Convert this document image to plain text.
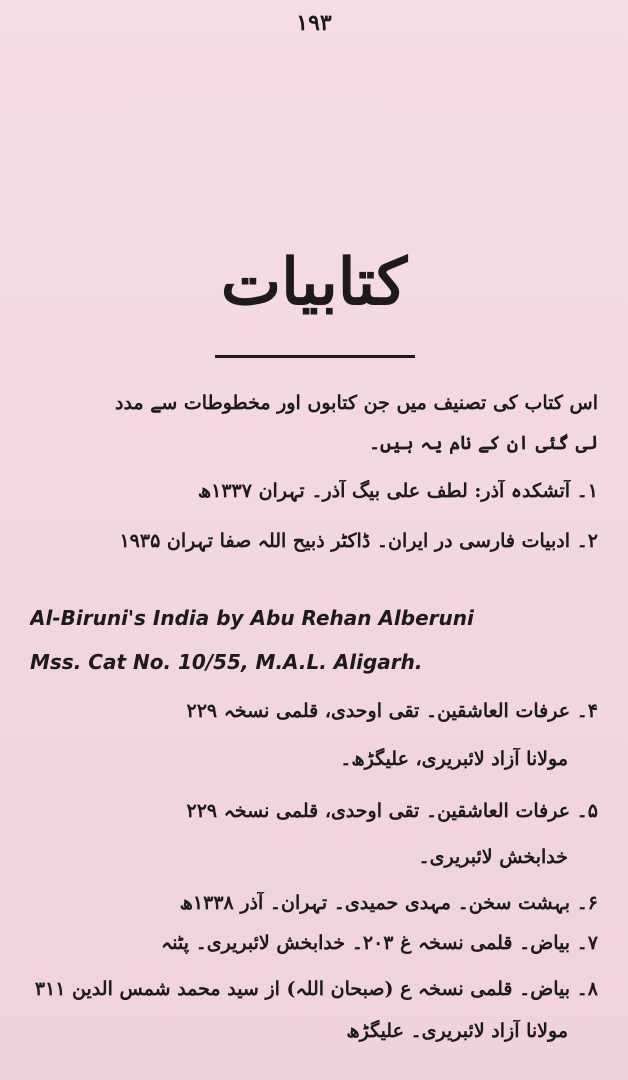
۱۹۳
کتابیات
اس کتاب کی تصنیف میں جن کتابوں اور مخطوطات سے مدد
لی گئی ان کے نام یہ ہیں۔
۱۔ آتشکدہ آذر: لطف علی بیگ آذر۔ تہران ۱۳۳۷ھ
۲۔ ادبیات فارسی در ایران۔ ڈاکٹر ذبیح اللہ صفا تہران ۱۹۳۵
Al-Biruni's India by Abu Rehan Alberuni
Mss. Cat No. 10/55, M.A.L. Aligarh.
۴۔ عرفات العاشقین۔ تقی اوحدی، قلمی نسخہ ۲۲۹
مولانا آزاد لائبریری، علیگڑھ۔
۵۔ عرفات العاشقین۔ تقی اوحدی، قلمی نسخہ ۲۲۹
خدابخش لائبریری۔
۶۔ بہشت سخن۔ مہدی حمیدی۔ تہران۔ آذر ۱۳۳۸ھ
۷۔ بیاض۔ قلمی نسخہ غ ۲۰۳۔ خدابخش لائبریری۔ پٹنہ
۸۔ بیاض۔ قلمی نسخہ ع (صبحان اللہ) از سید محمد شمس الدین ۳۱۱
مولانا آزاد لائبریری۔ علیگڑھ
